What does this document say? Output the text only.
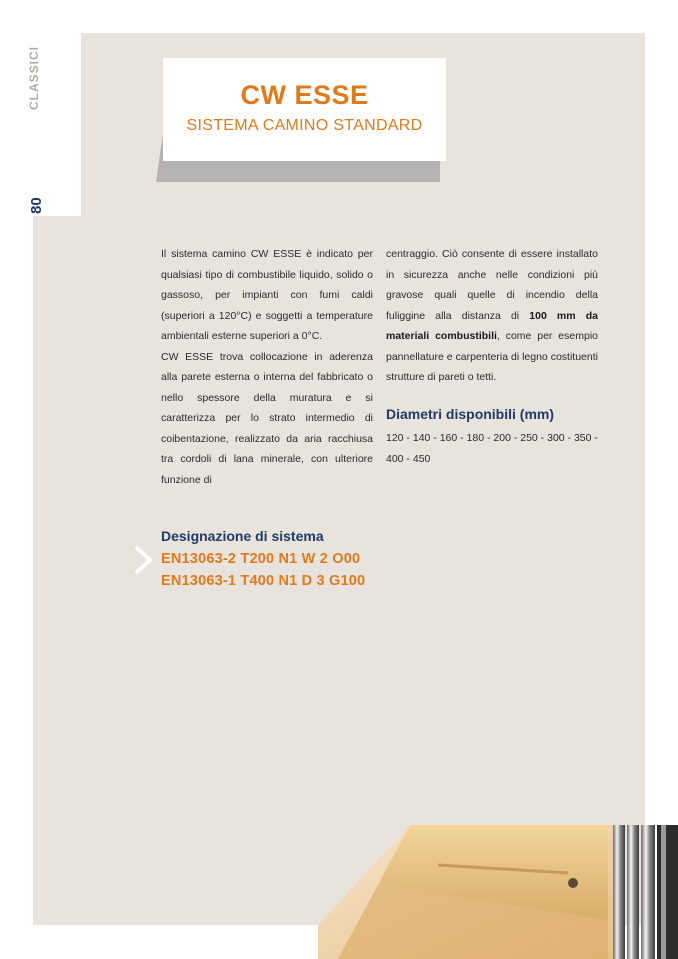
CLASSICI
80
CW ESSE
SISTEMA CAMINO STANDARD

Il sistema camino CW ESSE è indicato per qualsiasi tipo di combustibile liquido, solido o gassoso, per impianti con fumi caldi (superiori a 120°C) e soggetti a temperature ambientali esterne superiori a 0°C.

CW ESSE trova collocazione in aderenza alla parete esterna o interna del fabbricato o nello spessore della muratura e si caratterizza per lo strato intermedio di coibentazione, realizzato da aria racchiusa tra cordoli di lana minerale, con ulteriore funzione di

centraggio. Ciò consente di essere installato in sicurezza anche nelle condizioni più gravose quali quelle di incendio della fuliggine alla distanza di 100 mm da materiali combustibili, come per esempio pannellature e carpenteria di legno costituenti strutture di pareti o tetti.

Diametri disponibili (mm)
120 - 140 - 160 - 180 - 200 - 250 - 300 - 350 - 400 - 450
Designazione di sistema
EN13063-2 T200 N1 W 2 O00
EN13063-1 T400 N1 D 3 G100
